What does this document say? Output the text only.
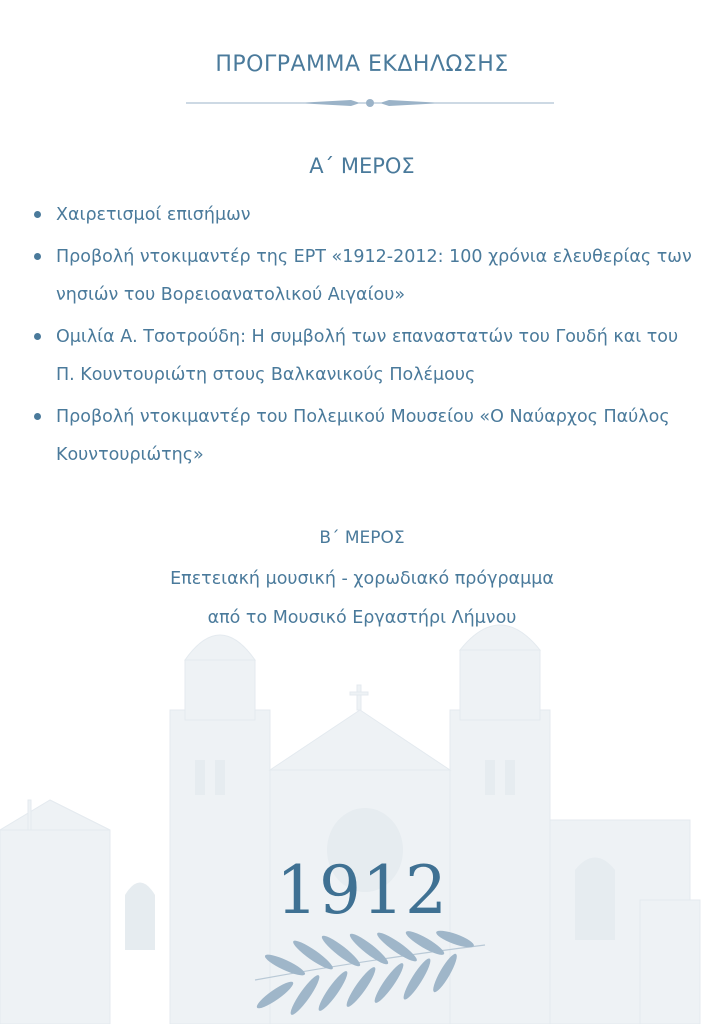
ΠΡΟΓΡΑΜΜΑ ΕΚΔΗΛΩΣΗΣ
Α΄ ΜΕΡΟΣ
Χαιρετισμοί επισήμων
Προβολή ντοκιμαντέρ της ΕΡΤ «1912-2012: 100 χρόνια ελευθερίας των
νησιών του Βορειοανατολικού Αιγαίου»
Ομιλία Α. Τσοτρούδη: Η συμβολή των επαναστατών του Γουδή και του
Π. Κουντουριώτη στους Βαλκανικούς Πολέμους
Προβολή ντοκιμαντέρ του Πολεμικού Μουσείου «Ο Ναύαρχος Παύλος
Κουντουριώτης»
Β΄ ΜΕΡΟΣ
Επετειακή μουσική - χορωδιακό πρόγραμμα
από το Μουσικό Εργαστήρι Λήμνου
1912
